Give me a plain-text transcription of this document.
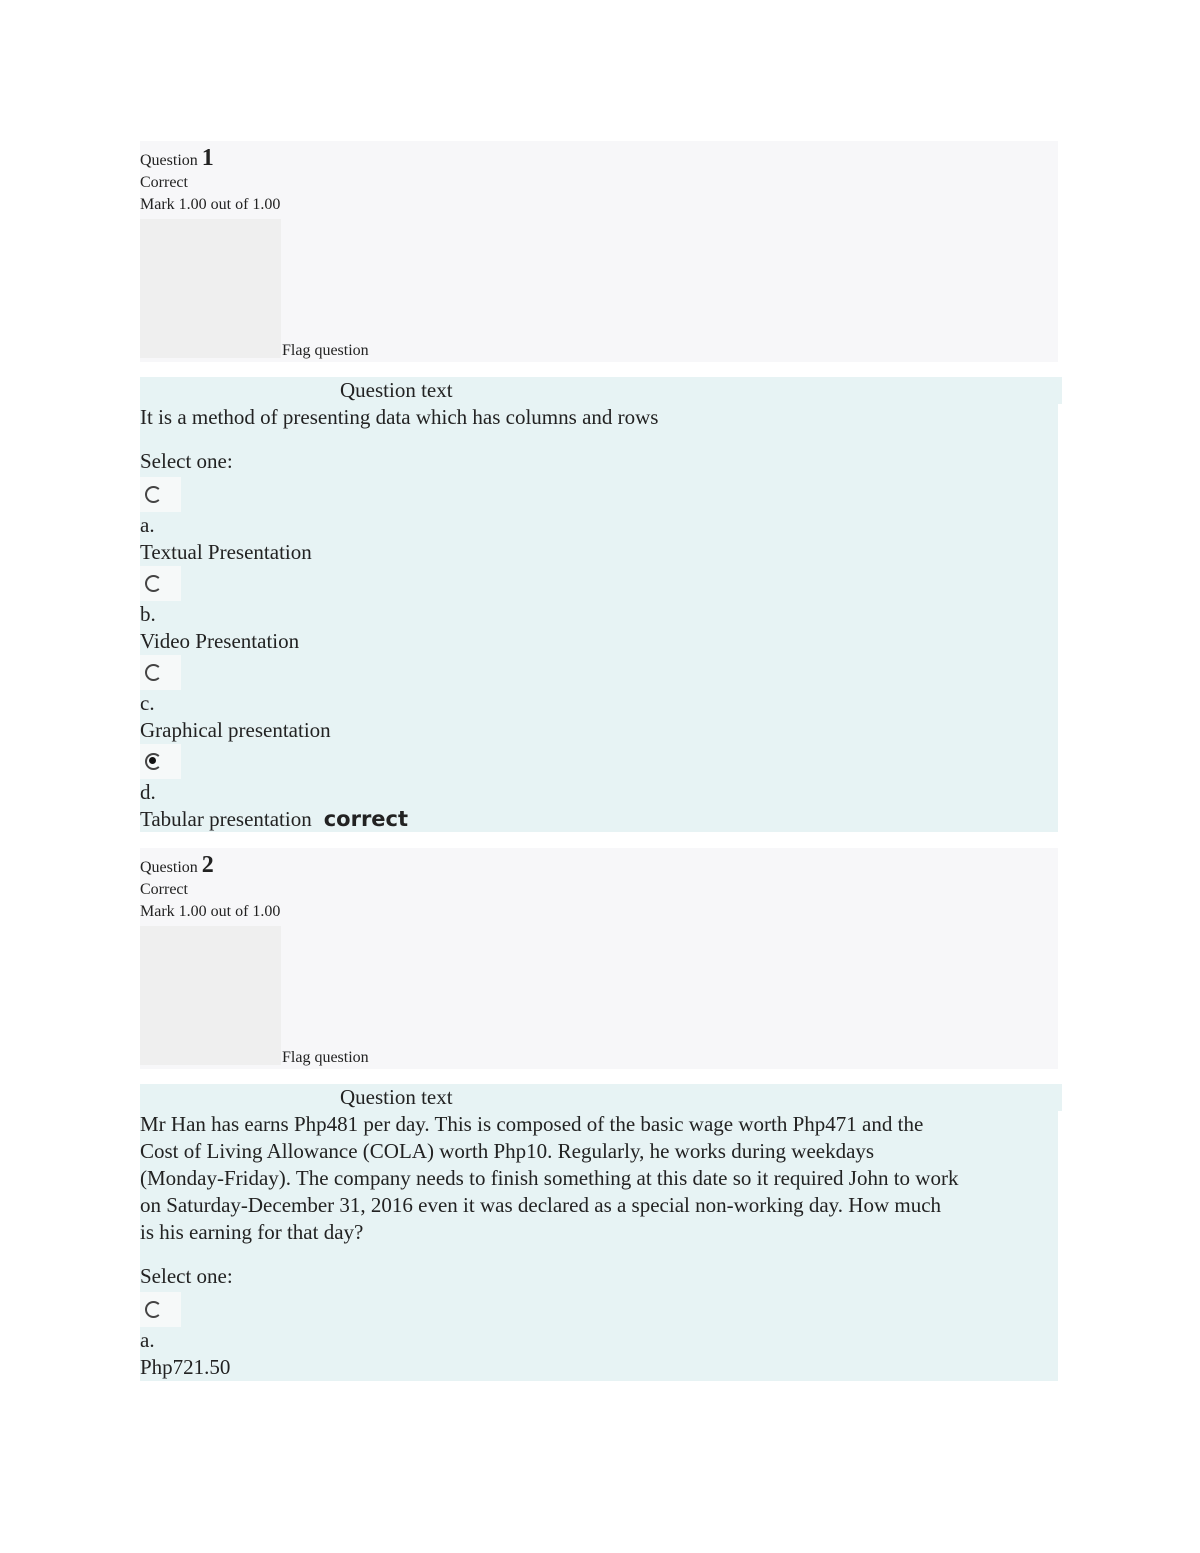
Question 1
Correct
Mark 1.00 out of 1.00
Flag question
Question text

It is a method of presenting data which has columns and rows

Select one:

a.

Textual Presentation

b.

Video Presentation

c.

Graphical presentation

d.

Tabular presentation correct

Question 2
Correct
Mark 1.00 out of 1.00
Flag question
Question text

Mr Han has earns Php481 per day. This is composed of the basic wage worth Php471 and the

Cost of Living Allowance (COLA) worth Php10. Regularly, he works during weekdays

(Monday-Friday). The company needs to finish something at this date so it required John to work

on Saturday-December 31, 2016 even it was declared as a special non-working day. How much

is his earning for that day?

Select one:

a.

Php721.50
